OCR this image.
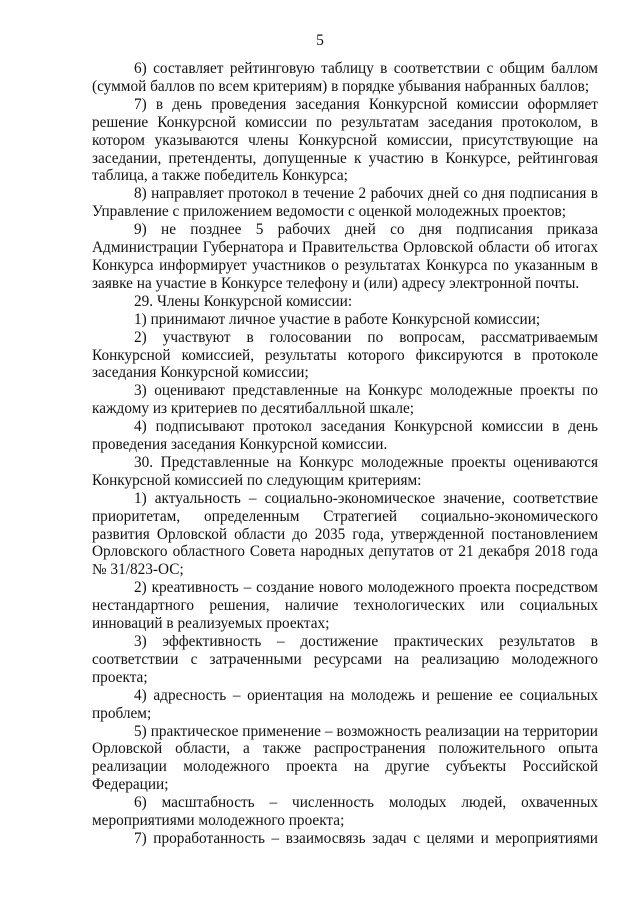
5

6) составляет рейтинговую таблицу в соответствии с общим баллом (суммой баллов по всем критериям) в порядке убывания набранных баллов;

7) в день проведения заседания Конкурсной комиссии оформляет решение Конкурсной комиссии по результатам заседания протоколом, в котором указываются члены Конкурсной комиссии, присутствующие на заседании, претенденты, допущенные к участию в Конкурсе, рейтинговая таблица, а также победитель Конкурса;

8) направляет протокол в течение 2 рабочих дней со дня подписания в Управление с приложением ведомости с оценкой молодежных проектов;

9) не позднее 5 рабочих дней со дня подписания приказа Администрации Губернатора и Правительства Орловской области об итогах Конкурса информирует участников о результатах Конкурса по указанным в заявке на участие в Конкурсе телефону и (или) адресу электронной почты.

29. Члены Конкурсной комиссии:

1) принимают личное участие в работе Конкурсной комиссии;

2) участвуют в голосовании по вопросам, рассматриваемым Конкурсной комиссией, результаты которого фиксируются в протоколе заседания Конкурсной комиссии;

3) оценивают представленные на Конкурс молодежные проекты по каждому из критериев по десятибалльной шкале;

4) подписывают протокол заседания Конкурсной комиссии в день проведения заседания Конкурсной комиссии.

30. Представленные на Конкурс молодежные проекты оцениваются Конкурсной комиссией по следующим критериям:

1) актуальность – социально-экономическое значение, соответствие приоритетам, определенным Стратегией социально-экономического развития Орловской области до 2035 года, утвержденной постановлением Орловского областного Совета народных депутатов от 21 декабря 2018 года № 31/823-ОС;

2) креативность – создание нового молодежного проекта посредством нестандартного решения, наличие технологических или социальных инноваций в реализуемых проектах;

3) эффективность – достижение практических результатов в соответствии с затраченными ресурсами на реализацию молодежного проекта;

4) адресность – ориентация на молодежь и решение ее социальных проблем;

5) практическое применение – возможность реализации на территории Орловской области, а также распространения положительного опыта реализации молодежного проекта на другие субъекты Российской Федерации;

6) масштабность – численность молодых людей, охваченных мероприятиями молодежного проекта;

7) проработанность – взаимосвязь задач с целями и мероприятиями
